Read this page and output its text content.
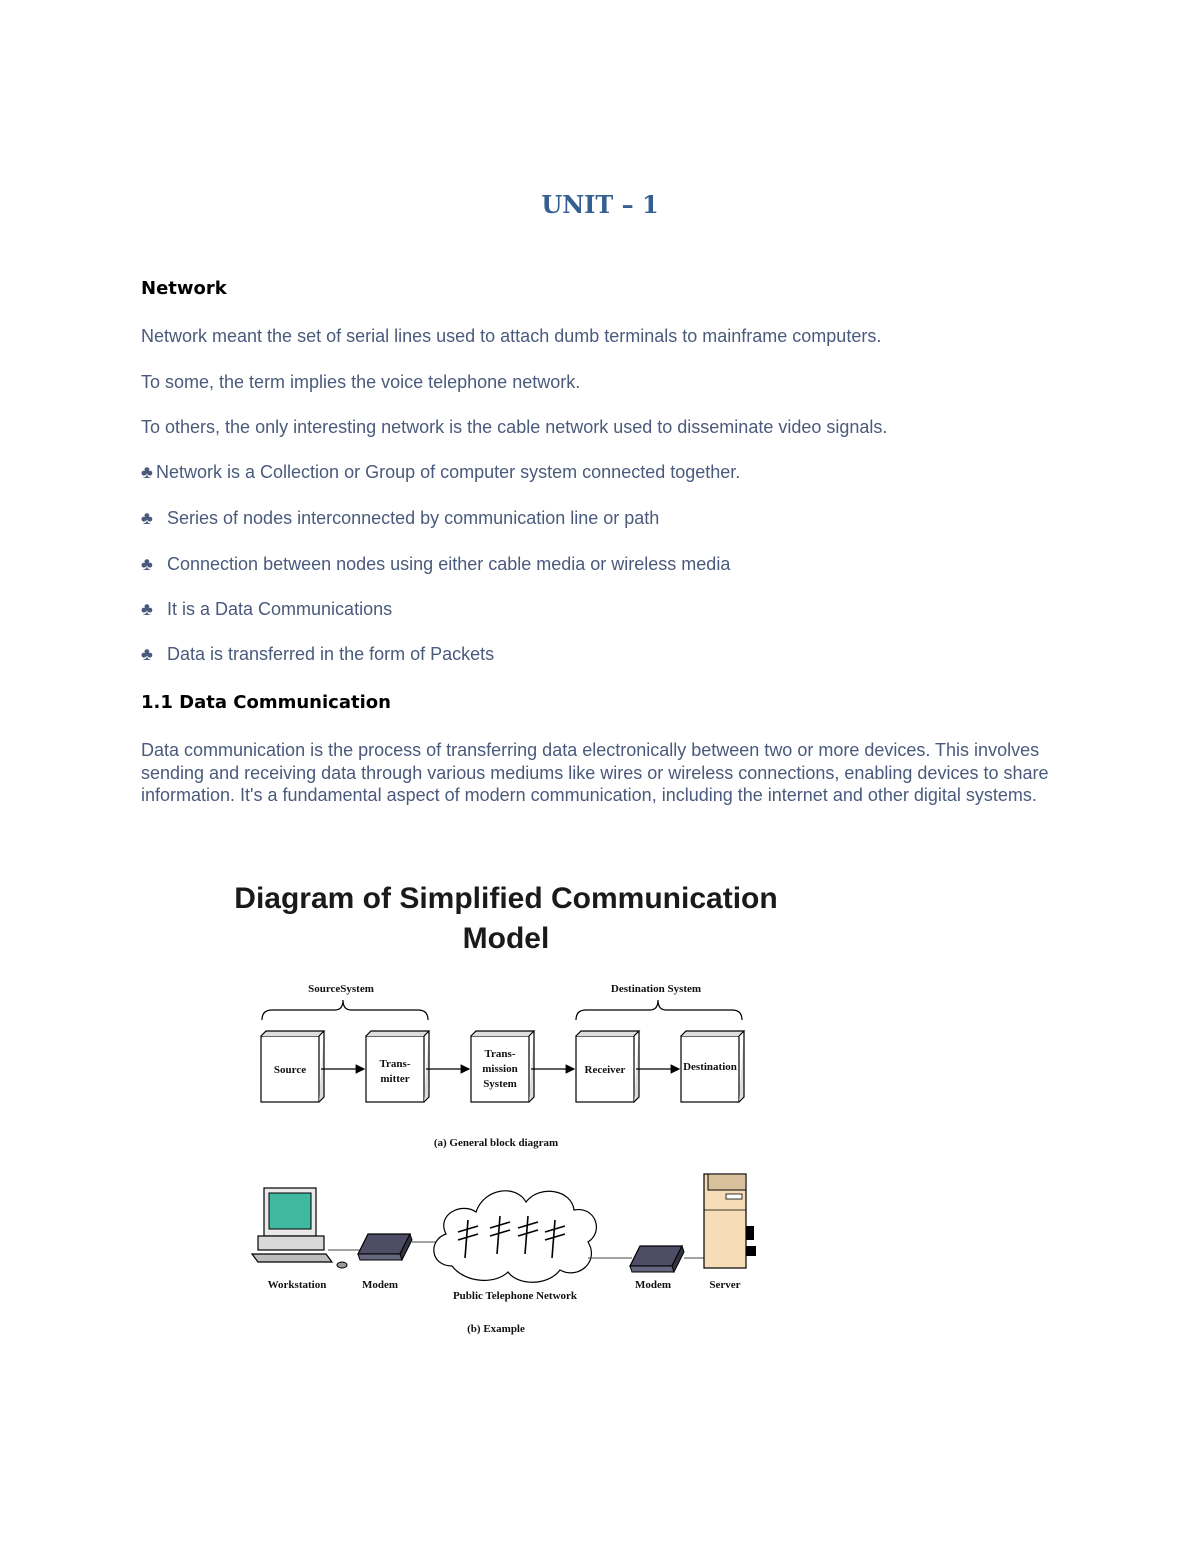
UNIT – 1
Network
Network meant the set of serial lines used to attach dumb terminals to mainframe computers.
To some, the term implies the voice telephone network.
To others, the only interesting network is the cable network used to disseminate video signals.
♣ Network is a Collection or Group of computer system connected together.
♣ Series of nodes interconnected by communication line or path
♣ Connection between nodes using either cable media or wireless media
♣ It is a Data Communications
♣ Data is transferred in the form of Packets
1.1 Data Communication
Data communication is the process of transferring data electronically between two or more devices. This involves sending and receiving data through various mediums like wires or wireless connections, enabling devices to share information. It's a fundamental aspect of modern communication, including the internet and other digital systems.
Diagram of Simplified Communication
Model
SourceSystem	Destination System
Source	Trans-
mitter
Trans-
mission
System
Receiver	Destination
(a) General block diagram
Workstation	Modem
Public Telephone Network
Modem	Server
(b) Example
